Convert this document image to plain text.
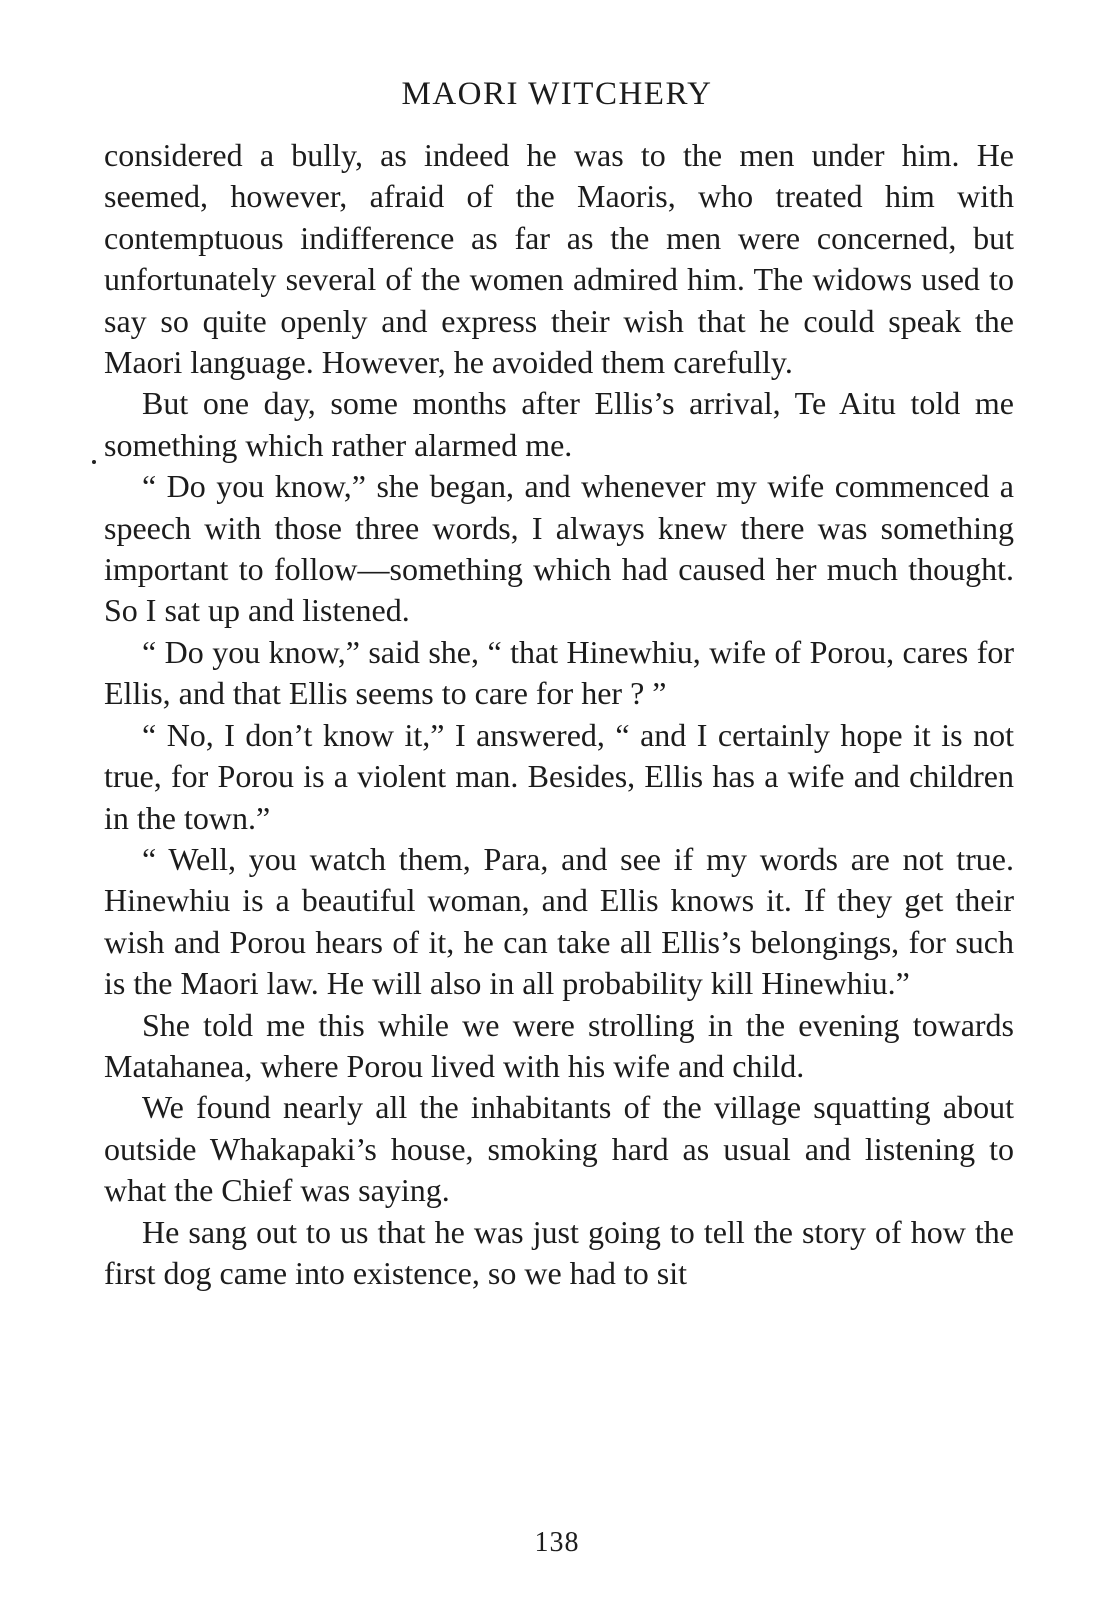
MAORI WITCHERY

considered a bully, as indeed he was to the men under him. He seemed, however, afraid of the Maoris, who treated him with contemptuous indifference as far as the men were concerned, but unfortunately several of the women admired him. The widows used to say so quite openly and express their wish that he could speak the Maori language. However, he avoided them carefully.

But one day, some months after Ellis’s arrival, Te Aitu told me something which rather alarmed me.

“ Do you know,” she began, and whenever my wife commenced a speech with those three words, I always knew there was something important to follow—something which had caused her much thought. So I sat up and listened.

“ Do you know,” said she, “ that Hinewhiu, wife of Porou, cares for Ellis, and that Ellis seems to care for her ? ”

“ No, I don’t know it,” I answered, “ and I certainly hope it is not true, for Porou is a violent man. Besides, Ellis has a wife and children in the town.”

“ Well, you watch them, Para, and see if my words are not true. Hinewhiu is a beautiful woman, and Ellis knows it. If they get their wish and Porou hears of it, he can take all Ellis’s belongings, for such is the Maori law. He will also in all probability kill Hinewhiu.”

She told me this while we were strolling in the evening towards Matahanea, where Porou lived with his wife and child.

We found nearly all the inhabitants of the village squatting about outside Whakapaki’s house, smoking hard as usual and listening to what the Chief was saying.

He sang out to us that he was just going to tell the story of how the first dog came into existence, so we had to sit

138
